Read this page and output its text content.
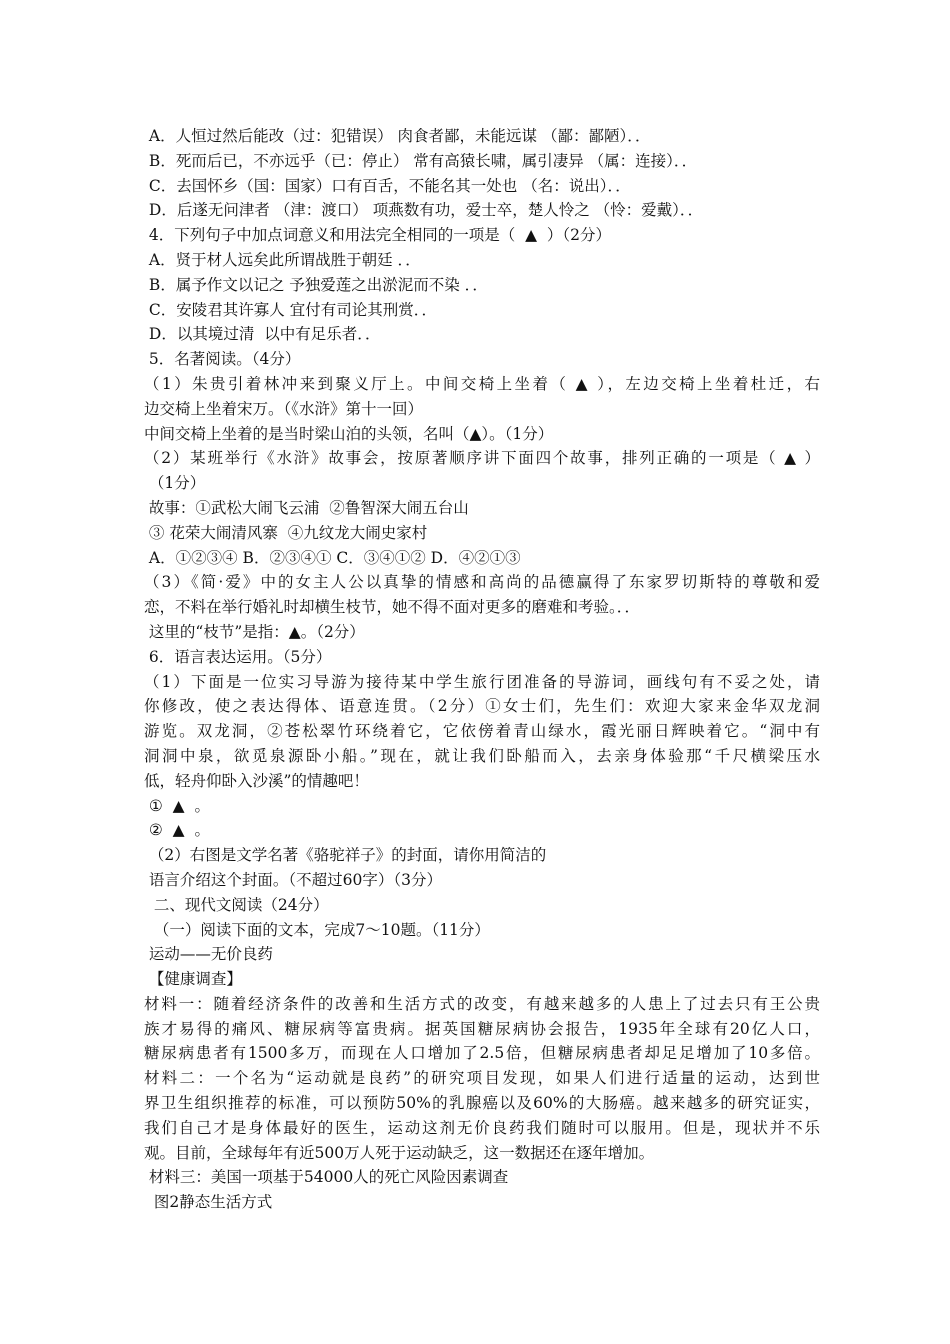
A．人恒过然后能改（过：犯错误） 肉食者鄙，未能远谋 （鄙：鄙陋）．．
B．死而后已，不亦远乎（已：停止） 常有高猿长啸，属引凄异 （属：连接）．．
C．去国怀乡（国：国家）口有百舌，不能名其一处也 （名：说出）．．
D．后遂无问津者 （津：渡口） 项燕数有功，爱士卒，楚人怜之 （怜：爱戴）．．
4．下列句子中加点词意义和用法完全相同的一项是（  ▲  ）（2分）
A．贤于材人远矣此所谓战胜于朝廷 ．．
B．属予作文以记之 予独爱莲之出淤泥而不染 ．．
C．安陵君其许寡人 宜付有司论其刑赏．．
D．以其境过清  以中有足乐者．．
5．名著阅读。（4分）
（1）朱贵引着林冲来到聚义厅上。中间交椅上坐着（ ▲ ），左边交椅上坐着杜迁，右
边交椅上坐着宋万。（《水浒》第十一回）
中间交椅上坐着的是当时梁山泊的头领，名叫（▲）。（1分）
（2）某班举行《水浒》故事会，按原著顺序讲下面四个故事，排列正确的一项是（ ▲ ）
（1分）
故事：①武松大闹飞云浦  ②鲁智深大闹五台山
③ 花荣大闹清风寨  ④九纹龙大闹史家村
A．①②③④ B．②③④① C．③④①② D．④②①③
（3）《简·爱》中的女主人公以真挚的情感和高尚的品德赢得了东家罗切斯特的尊敬和爱
恋，不料在举行婚礼时却横生枝节，她不得不面对更多的磨难和考验。．．
这里的“枝节”是指：▲。（2分）
6．语言表达运用。（5分）
（1）下面是一位实习导游为接待某中学生旅行团准备的导游词，画线句有不妥之处，请
你修改，使之表达得体、语意连贯。（2分）①女士们，先生们：欢迎大家来金华双龙洞
游览。双龙洞，②苍松翠竹环绕着它，它依傍着青山绿水，霞光丽日辉映着它。“洞中有
洞洞中泉，欲觅泉源卧小船。”现在，就让我们卧船而入，去亲身体验那“千尺横梁压水
低，轻舟仰卧入沙溪”的情趣吧！
①  ▲  。
②  ▲  。
（2）右图是文学名著《骆驼祥子》的封面，请你用简洁的
语言介绍这个封面。（不超过60字）（3分）
二、现代文阅读（24分）
（一）阅读下面的文本，完成7～10题。（11分）
运动——无价良药
【健康调查】
材料一：随着经济条件的改善和生活方式的改变，有越来越多的人患上了过去只有王公贵
族才易得的痛风、糖尿病等富贵病。据英国糖尿病协会报告，1935年全球有20亿人口，
糖尿病患者有1500多万，而现在人口增加了2.5倍，但糖尿病患者却足足增加了10多倍。
材料二：一个名为“运动就是良药”的研究项目发现，如果人们进行适量的运动，达到世
界卫生组织推荐的标准，可以预防50%的乳腺癌以及60%的大肠癌。越来越多的研究证实，
我们自己才是身体最好的医生，运动这剂无价良药我们随时可以服用。但是，现状并不乐
观。目前，全球每年有近500万人死于运动缺乏，这一数据还在逐年增加。
材料三：美国一项基于54000人的死亡风险因素调查
图2静态生活方式
